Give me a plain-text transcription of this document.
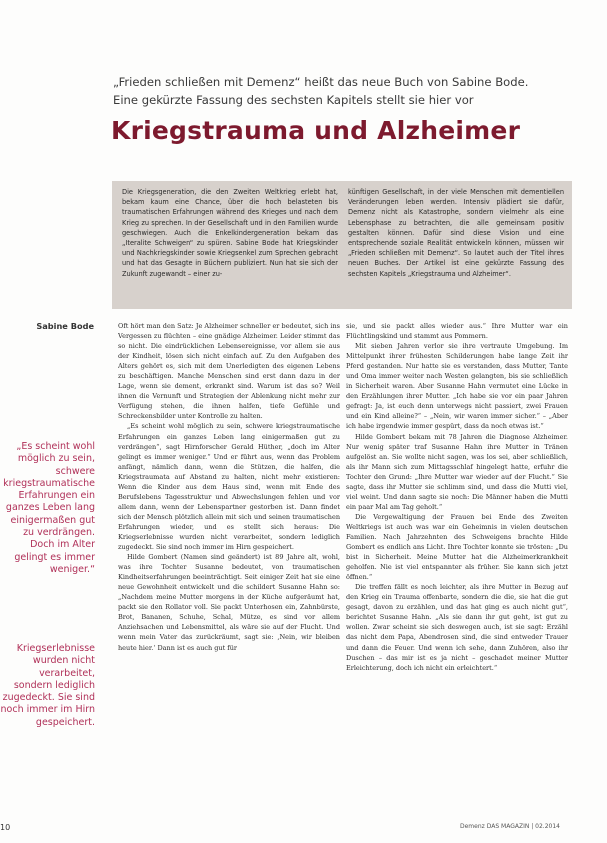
„Frieden schließen mit Demenz“ heißt das neue Buch von Sabine Bode. Eine gekürzte Fassung des sechsten Kapitels stellt sie hier vor
Kriegstrauma und Alzheimer
Die Kriegsgeneration, die den Zweiten Weltkrieg erlebt hat, bekam kaum eine Chance, über die hoch belasteten bis traumatischen Erfahrungen während des Krieges und nach dem Krieg zu sprechen. In der Gesellschaft und in den Familien wurde geschwiegen. Auch die Enkelkindergeneration bekam das „Iteralite Schweigen“ zu spüren. Sabine Bode hat Kriegskinder und Nachkriegskinder sowie Kriegsenkel zum Sprechen gebracht und hat das Gesagte in Büchern publiziert. Nun hat sie sich der Zukunft zugewandt – einer zu-
künftigen Gesellschaft, in der viele Menschen mit dementiellen Veränderungen leben werden. Intensiv plädiert sie dafür, Demenz nicht als Katastrophe, sondern vielmehr als eine Lebensphase zu betrachten, die alle gemeinsam positiv gestalten können. Dafür sind diese Vision und eine entsprechende soziale Realität entwickeln können, müssen wir „Frieden schließen mit Demenz“. So lautet auch der Titel ihres neuen Buches. Der Artikel ist eine gekürzte Fassung des sechsten Kapitels „Kriegstrauma und Alzheimer“.
Sabine Bode
„Es scheint wohl möglich zu sein, schwere kriegstraumatische Erfahrungen ein ganzes Leben lang einigermaßen gut zu verdrängen. Doch im Alter gelingt es immer weniger.“
Kriegserlebnisse wurden nicht verarbeitet, sondern lediglich zugedeckt. Sie sind noch immer im Hirn gespeichert.

Oft hört man den Satz: Je Alzheimer schneller er bedeutet, sich ins Vergessen zu flüchten – eine gnädige Alzheimer. Leider stimmt das so nicht. Die eindrücklichen Lebensereignisse, vor allem sie aus der Kindheit, lösen sich nicht einfach auf. Zu den Aufgaben des Alters gehört es, sich mit dem Unerledigten des eigenen Lebens zu beschäftigen. Manche Menschen sind erst dann dazu in der Lage, wenn sie dement, erkrankt sind. Warum ist das so? Weil ihnen die Vernunft und Strategien der Ablenkung nicht mehr zur Verfügung stehen, die ihnen halfen, tiefe Gefühle und Schreckensbilder unter Kontrolle zu halten.

„Es scheint wohl möglich zu sein, schwere kriegstraumatische Erfahrungen ein ganzes Leben lang einigermaßen gut zu verdrängen“, sagt Hirnforscher Gerald Hüther, „doch im Alter gelingt es immer weniger.“ Und er führt aus, wenn das Problem anfängt, nämlich dann, wenn die Stützen, die halfen, die Kriegstraumata auf Abstand zu halten, nicht mehr existieren: Wenn die Kinder aus dem Haus sind, wenn mit Ende des Berufslebens Tagesstruktur und Abwechslungen fehlen und vor allem dann, wenn der Lebenspartner gestorben ist. Dann findet sich der Mensch plötzlich allein mit sich und seinen traumatischen Erfahrungen wieder, und es stellt sich heraus: Die Kriegserlebnisse wurden nicht verarbeitet, sondern lediglich zugedeckt. Sie sind noch immer im Hirn gespeichert.

Hilde Gombert (Namen sind geändert) ist 89 Jahre alt, wohl, was ihre Tochter Susanne bedeutet, von traumatischen Kindheitserfahrungen beeinträchtigt. Seit einiger Zeit hat sie eine neue Gewohnheit entwickelt und die schildert Susanne Hahn so: „Nachdem meine Mutter morgens in der Küche aufgeräumt hat, packt sie den Rollator voll. Sie packt Unterhosen ein, Zahnbürste, Brot, Bananen, Schuhe, Schal, Mütze, es sind vor allem Anziehsachen und Lebensmittel, als wäre sie auf der Flucht. Und wenn mein Vater das zurückräumt, sagt sie: ‚Nein, wir bleiben heute hier.‘ Dann ist es auch gut für

sie, und sie packt alles wieder aus.“ Ihre Mutter war ein Flüchtlingskind und stammt aus Pommern.

Mit sieben Jahren verlor sie ihre vertraute Umgebung. Im Mittelpunkt ihrer frühesten Schilderungen habe lange Zeit ihr Pferd gestanden. Nur hatte sie es verstanden, dass Mutter, Tante und Oma immer weiter nach Westen gelangten, bis sie schließlich in Sicherheit waren. Aber Susanne Hahn vermutet eine Lücke in den Erzählungen ihrer Mutter. „Ich habe sie vor ein paar Jahren gefragt: Ja, ist euch denn unterwegs nicht passiert, zwei Frauen und ein Kind alleine?“ – „Nein, wir waren immer sicher.“ – „Aber ich habe irgendwie immer gespürt, dass da noch etwas ist.“

Hilde Gombert bekam mit 78 Jahren die Diagnose Alzheimer. Nur wenig später traf Susanne Hahn ihre Mutter in Tränen aufgelöst an. Sie wollte nicht sagen, was los sei, aber schließlich, als ihr Mann sich zum Mittagsschlaf hingelegt hatte, erfuhr die Tochter den Grund: „Ihre Mutter war wieder auf der Flucht.“ Sie sagte, dass ihr Mutter sie schlimm sind, und dass die Mutti viel, viel weint. Und dann sagte sie noch: Die Männer haben die Mutti ein paar Mal am Tag geholt.“

Die Vergewaltigung der Frauen bei Ende des Zweiten Weltkriegs ist auch was war ein Geheimnis in vielen deutschen Familien. Nach Jahrzehnten des Schweigens brachte Hilde Gombert es endlich ans Licht. Ihre Tochter konnte sie trösten: „Du bist in Sicherheit. Meine Mutter hat die Alzheimerkrankheit geholfen. Nie ist viel entspannter als früher. Sie kann sich jetzt öffnen.“

Die treffen fällt es noch leichter, als ihre Mutter in Bezug auf den Krieg ein Trauma offenbarte, sondern die die, sie hat die gut gesagt, davon zu erzählen, und das hat ging es auch nicht gut“, berichtet Susanne Hahn. „Als sie dann ihr gut geht, ist gut zu wollen. Zwar scheint sie sich deswegen auch, ist sie sagt: Erzähl das nicht dem Papa, Abendrosen sind, die sind entweder Trauer und dann die Feuer. Und wenn ich sehe, dann Zuhören, also ihr Duschen – das mir ist es ja nicht – geschadet meiner Mutter Erleichterung, doch ich nicht ein erleichtert.“

10	Demenz DAS MAGAZIN | 02.2014
